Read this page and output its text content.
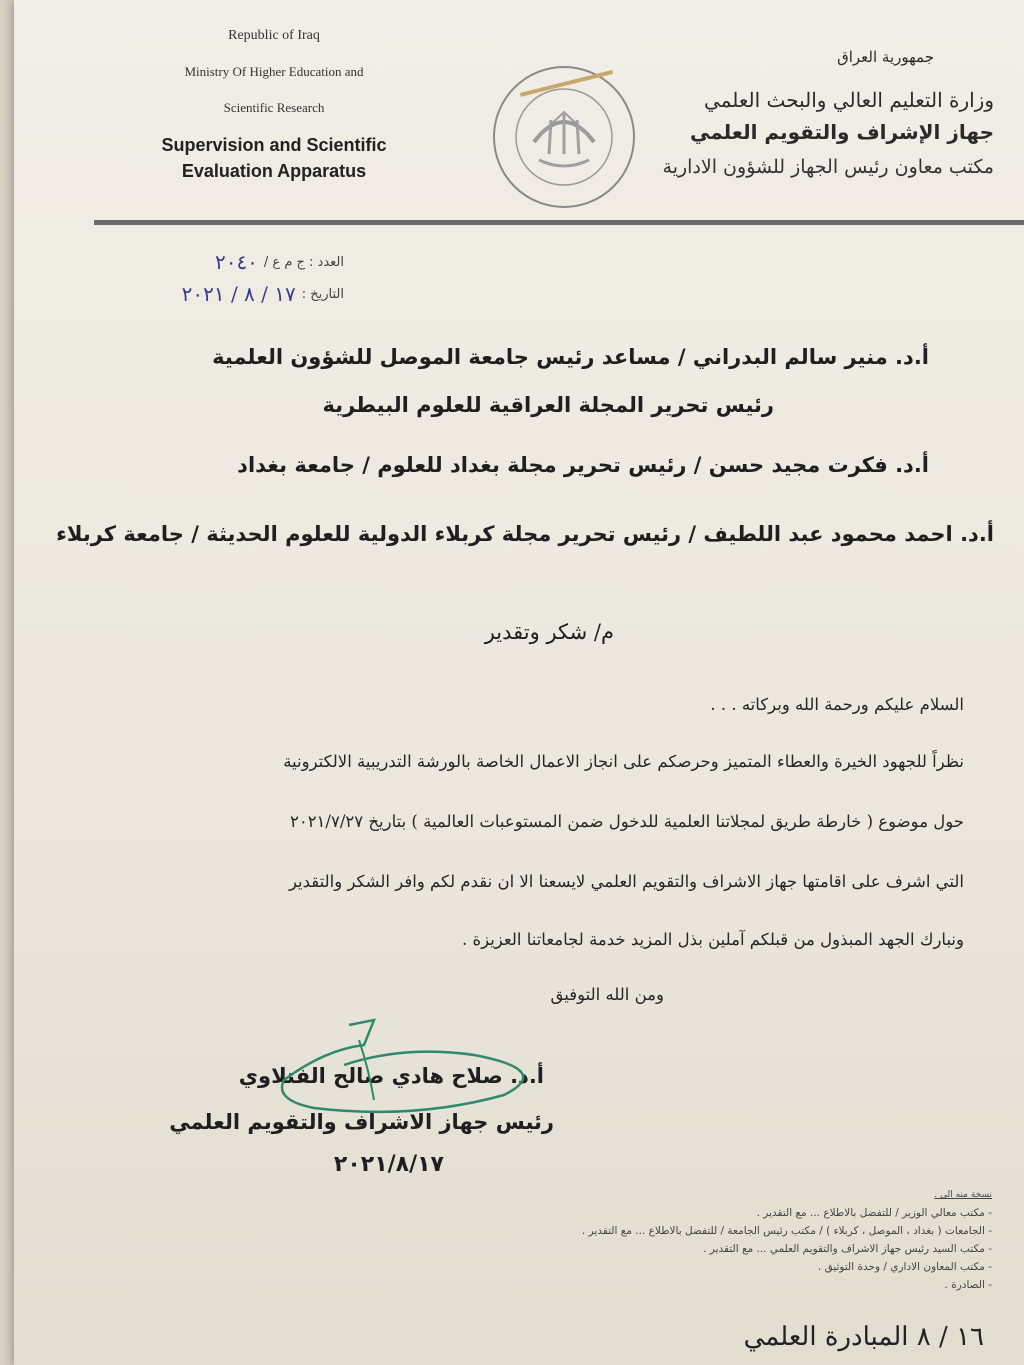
Republic of Iraq
Ministry Of Higher Education and
Scientific Research
Supervision and Scientific
Evaluation Apparatus
جمهورية العراق
وزارة التعليم العالي والبحث العلمي
جهاز الإشراف والتقويم العلمي
مكتب معاون رئيس الجهاز للشؤون الادارية
العدد : ج م ع /
٢٠٤٠
التاريخ :
١٧ / ٨ / ٢٠٢١
أ.د. منير سالم البدراني / مساعد رئيس جامعة الموصل للشؤون العلمية
رئيس تحرير المجلة العراقية للعلوم البيطرية
أ.د. فكرت مجيد حسن / رئيس تحرير مجلة بغداد للعلوم / جامعة بغداد
أ.د. احمد محمود عبد اللطيف / رئيس تحرير مجلة كربلاء الدولية للعلوم الحديثة / جامعة كربلاء
م/ شكر وتقدير
السلام عليكم ورحمة الله وبركاته . . .
نظراً للجهود الخيرة والعطاء المتميز وحرصكم على انجاز الاعمال الخاصة بالورشة التدريبية الالكترونية
حول موضوع ( خارطة طريق لمجلاتنا العلمية للدخول ضمن المستوعبات العالمية ) بتاريخ ٢٠٢١/٧/٢٧
التي اشرف على اقامتها جهاز الاشراف والتقويم العلمي لايسعنا الا ان نقدم لكم وافر الشكر والتقدير
ونبارك الجهد المبذول من قبلكم آملين بذل المزيد خدمة لجامعاتنا العزيزة .
ومن الله التوفيق
أ.د. صلاح هادي صالح الفتلاوي
رئيس جهاز الاشراف والتقويم العلمي
٢٠٢١/٨/١٧
نسخة منه الى .
- مكتب معالي الوزير / للتفضل بالاطلاع ... مع التقدير .
- الجامعات ( بغداد ، الموصل ، كربلاء ) / مكتب رئيس الجامعة / للتفضل بالاطلاع ... مع التقدير .
- مكتب السيد رئيس جهاز الاشراف والتقويم العلمي ... مع التقدير .
- مكتب المعاون الاداري / وحدة التوثيق .
- الصادرة .
١٦ / ٨ المبادرة العلمي
